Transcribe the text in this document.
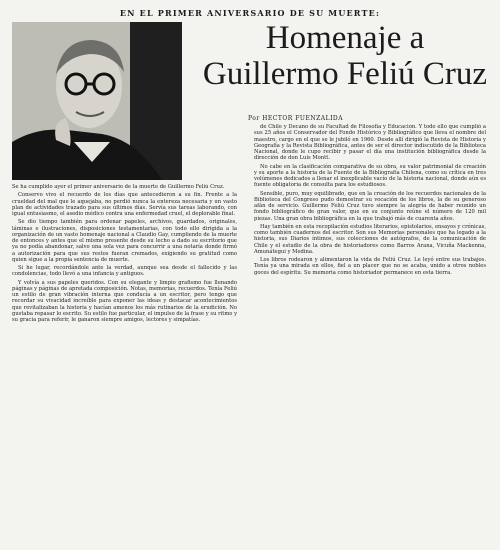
EN EL PRIMER ANIVERSARIO DE SU MUERTE:
Homenaje a
Guillermo Feliú Cruz
Por HECTOR FUENZALIDA

Se ha cumplido ayer el primer aniversario de la muerte de Guillermo Feliú Cruz.

Conservo vivo el recuerdo de los días que antecedieron a su fin. Frente a la crueldad del mal que le aquejaba, no perdió nunca la entereza necesaria y un vasto plan de actividades trazado para sus últimos días. Servía sus tareas laborando, con igual entusiasmo, el asedio médico contra una enfermedad cruel, el deplorable final.

Se dio tiempo también para ordenar papeles, archivos, guardados, originales, láminas e ilustraciones, disposiciones testamentarias, con todo ello dirigida a la organización de un vasto homenaje nacional a Claudio Gay, cumpliendo de la muerte de entonces y antes que el mismo presente desde su lecho a dado su escritorio que ya no podía abandonar, salvo una sola vez para concurrir a una notaría donde firmó a autorización para que sus restos fueran cremados, exigiendo su gratitud como quien sigue a la propia sentencia de muerte.

Si he lugar, recordándole ante la verdad, aunque sea desde el fallecido y las condolencias, todo llevó a una infancia y antiguos.

Y volvía a sus papeles queridos. Con su elegante y limpio grafismo fue llenando páginas y páginas de apretada composición. Notas, memorias, recuerdos. Tenía Feliú un estilo de gran vibración interna que conducía a un escritor, pero tengo que recordar su vivacidad increíble para exponer las ideas y destacar acontecimientos que revitalizaban la historia y hacían amenos los más rutinarios de la erudición. No gustaba repasar lo escrito. Su estilo fue particular, el impulso de la frase y su ritmo y su gracia para referir, le ganaron siempre amigos, lectores y simpatías.

de Chile y Decano de su Facultad de Filosofía y Educación. Y todo ello que cumplió a sus 25 años el Conservador del Fondo Histórico y Bibliográfico que lleva el nombre del maestro, cargo en el que se le jubiló en 1960. Desde allí dirigió la Revista de Historia y Geografía y la Revista Bibliográfica, antes de ser el director indiscutido de la Biblioteca Nacional, donde le cupo recibir y pasar el día una institución bibliográfica desde la dirección de don Luis Montt.

No cabe en la clasificación comparativa de su obra, su valor patrimonial de creación y su aporte a la historia de la Fuente de la Bibliografía Chilena, como su crítica en tres volúmenes dedicados a llenar el inexplicable vacío de la historia nacional, donde aún es fuente obligatoria de consulta para los estudiosos.

Sensible, puro, muy equilibrado, que en la creación de los recuerdos nacionales de la Biblioteca del Congreso pudo demostrar su vocación de los libros, la de su generoso afán de servicio. Guillermo Feliú Cruz tuvo siempre la alegría de haber reunido un fondo bibliográfico de gran valor, que en su conjunto reúne el número de 120 mil piezas. Una gran obra bibliográfica en la que trabajó más de cuarenta años.

Hay también en esta recopilación estudios literarios, epistolarios, ensayos y crónicas, como también cuadernos del escritor. Son sus Memorias personales que ha legado a la historia, sus Diarios íntimos, sus colecciones de autógrafos, de la comunicación de Chile y el estudio de la obra de historiadores como Barros Arana, Vicuña Mackenna, Amunátegui y Medina.

Los libros rodearon y alimentaron la vida de Feliú Cruz. Le leyó entre sus trabajos. Tenía ya una mirada en ellos, fiel a un placer que no se acaba, unido a otros nobles goces del espíritu. Su memoria como historiador permanece en esta tierra.
